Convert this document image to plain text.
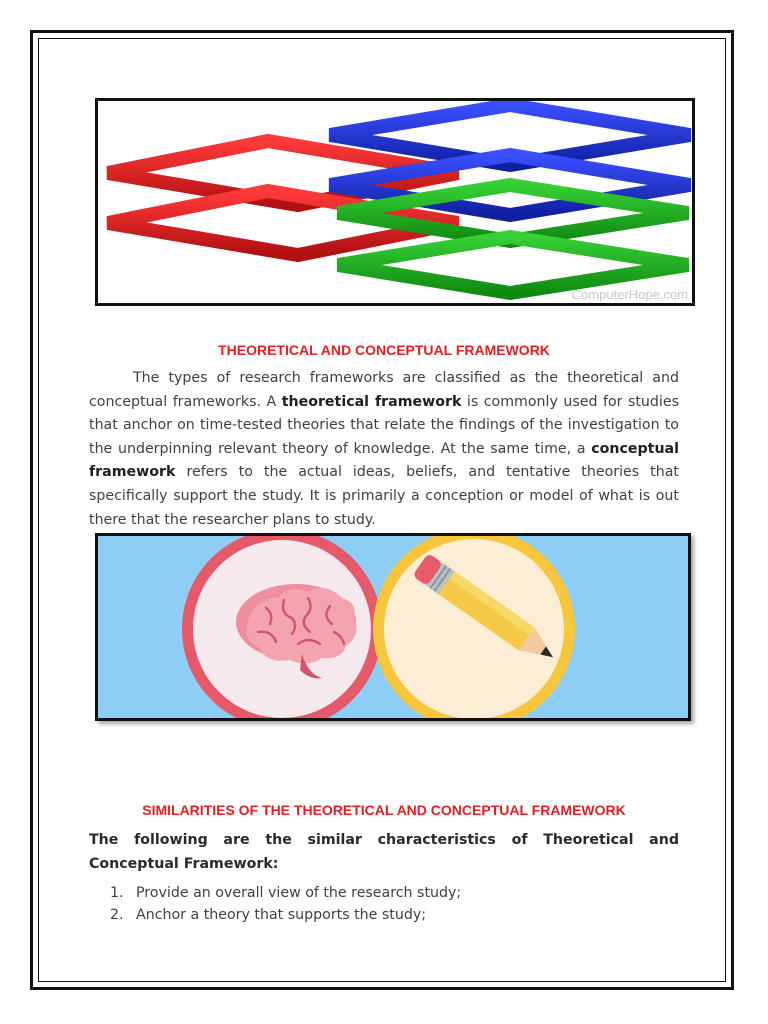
ComputerHope.com
THEORETICAL AND CONCEPTUAL FRAMEWORK

The types of research frameworks are classified as the theoretical and conceptual frameworks. A theoretical framework is commonly used for studies that anchor on time-tested theories that relate the findings of the investigation to the underpinning relevant theory of knowledge. At the same time, a conceptual framework refers to the actual ideas, beliefs, and tentative theories that specifically support the study. It is primarily a conception or model of what is out there that the researcher plans to study.

SIMILARITIES OF THE THEORETICAL AND CONCEPTUAL FRAMEWORK

The following are the similar characteristics of Theoretical and Conceptual Framework:

1. Provide an overall view of the research study;
2. Anchor a theory that supports the study;
